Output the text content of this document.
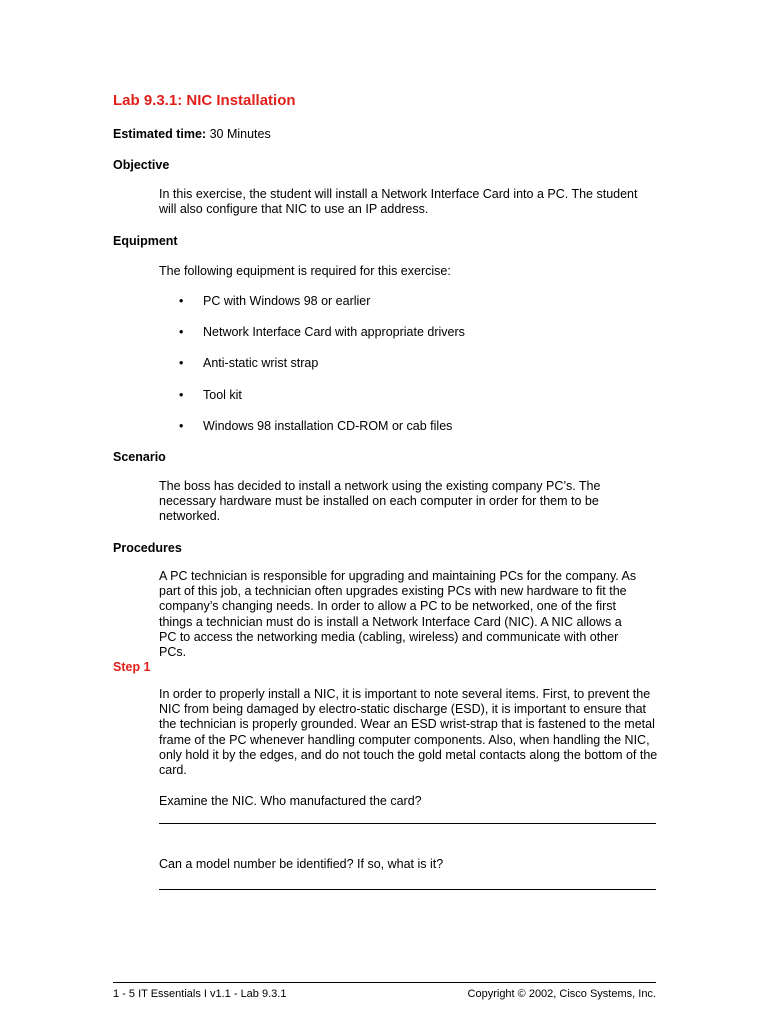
Lab 9.3.1: NIC Installation
Estimated time: 30 Minutes
Objective
In this exercise, the student will install a Network Interface Card into a PC. The student will also configure that NIC to use an IP address.
Equipment
The following equipment is required for this exercise:
• PC with Windows 98 or earlier
• Network Interface Card with appropriate drivers
• Anti-static wrist strap
• Tool kit
• Windows 98 installation CD-ROM or cab files
Scenario
The boss has decided to install a network using the existing company PC’s. The necessary hardware must be installed on each computer in order for them to be networked.
Procedures
A PC technician is responsible for upgrading and maintaining PCs for the company. As part of this job, a technician often upgrades existing PCs with new hardware to fit the company’s changing needs. In order to allow a PC to be networked, one of the first things a technician must do is install a Network Interface Card (NIC). A NIC allows a PC to access the networking media (cabling, wireless) and communicate with other PCs.
Step 1
In order to properly install a NIC, it is important to note several items. First, to prevent the NIC from being damaged by electro-static discharge (ESD), it is important to ensure that the technician is properly grounded. Wear an ESD wrist-strap that is fastened to the metal frame of the PC whenever handling computer components. Also, when handling the NIC, only hold it by the edges, and do not touch the gold metal contacts along the bottom of the card.
Examine the NIC. Who manufactured the card?
Can a model number be identified? If so, what is it?
1 - 5 IT Essentials I v1.1 - Lab 9.3.1	Copyright © 2002, Cisco Systems, Inc.
